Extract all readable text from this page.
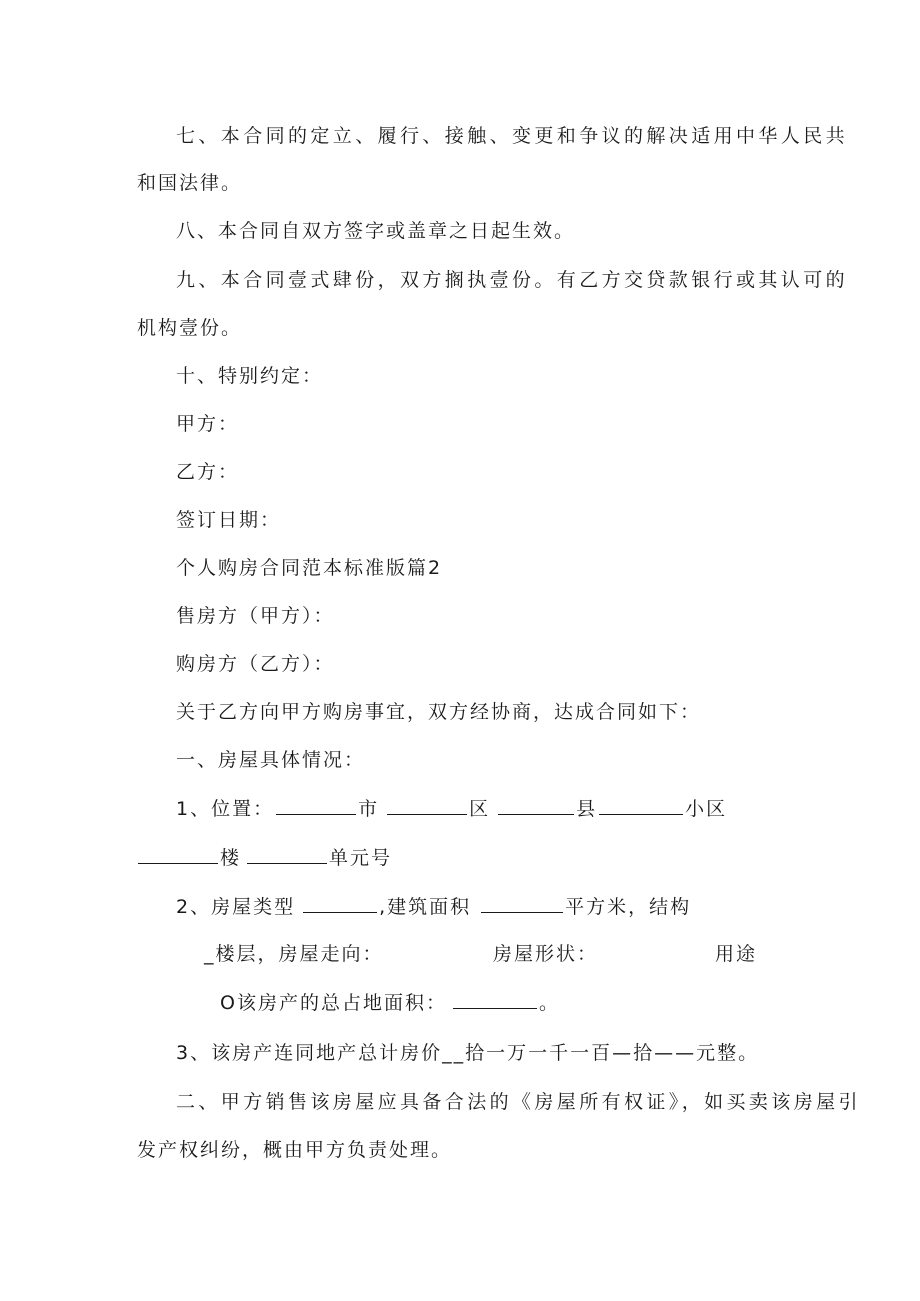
七、本合同的定立、履行、接触、变更和争议的解决适用中华人民共
和国法律。
八、本合同自双方签字或盖章之日起生效。
九、本合同壹式肆份，双方搁执壹份。有乙方交贷款银行或其认可的
机构壹份。
十、特别约定：
甲方：
乙方：
签订日期：
个人购房合同范本标准版篇2
售房方（甲方）：
购房方（乙方）：
关于乙方向甲方购房事宜，双方经协商，达成合同如下：
一、房屋具体情况：
1、位置：	市	区	县	小区
楼	单元号
2、房屋类型	,建筑面积	平方米，结构
_楼层，房屋走向：	房屋形状：	用途
O该房产的总占地面积：	。
3、该房产连同地产总计房价__拾一万一千一百—拾——元整。
二、甲方销售该房屋应具备合法的《房屋所有权证》，如买卖该房屋引
发产权纠纷，概由甲方负责处理。
